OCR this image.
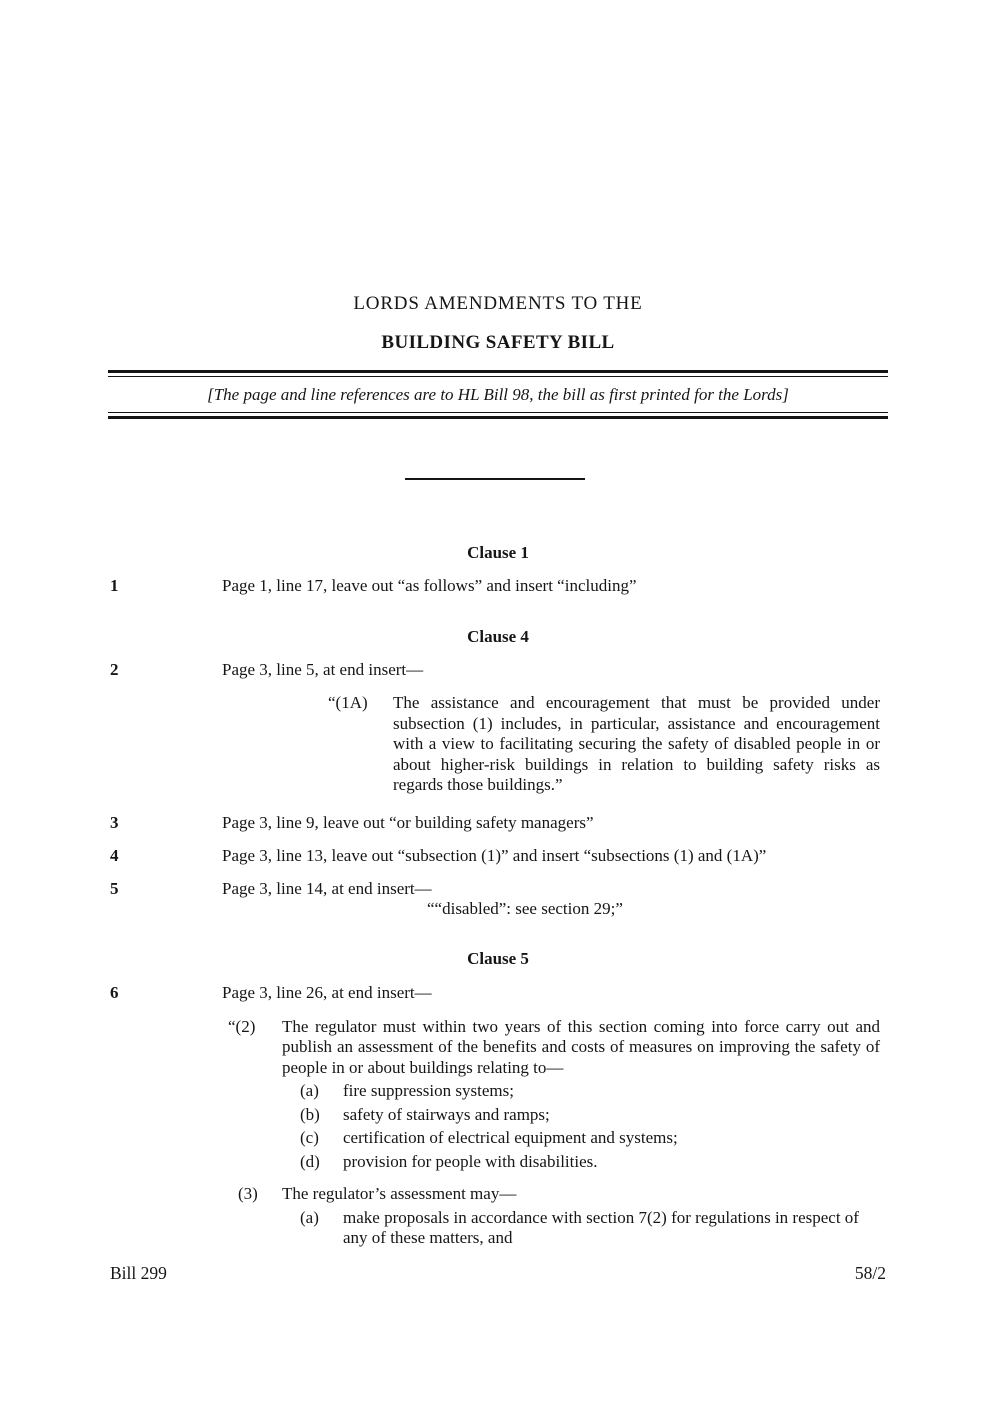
LORDS AMENDMENTS TO THE
BUILDING SAFETY BILL
[The page and line references are to HL Bill 98, the bill as first printed for the Lords]
Clause 1
1	Page 1, line 17, leave out “as follows” and insert “including”
Clause 4
2	Page 3, line 5, at end insert—
“(1A)	The assistance and encouragement that must be provided under subsection (1) includes, in particular, assistance and encouragement with a view to facilitating securing the safety of disabled people in or about higher-risk buildings in relation to building safety risks as regards those buildings.”
3	Page 3, line 9, leave out “or building safety managers”
4	Page 3, line 13, leave out “subsection (1)” and insert “subsections (1) and (1A)”
5	Page 3, line 14, at end insert—
““disabled”: see section 29;”
Clause 5
6	Page 3, line 26, at end insert—
“(2)	The regulator must within two years of this section coming into force carry out and publish an assessment of the benefits and costs of measures on improving the safety of people in or about buildings relating to—
(a)	fire suppression systems;
(b)	safety of stairways and ramps;
(c)	certification of electrical equipment and systems;
(d)	provision for people with disabilities.
(3)	The regulator’s assessment may—
(a)	make proposals in accordance with section 7(2) for regulations in respect of any of these matters, and
Bill 299	58/2
